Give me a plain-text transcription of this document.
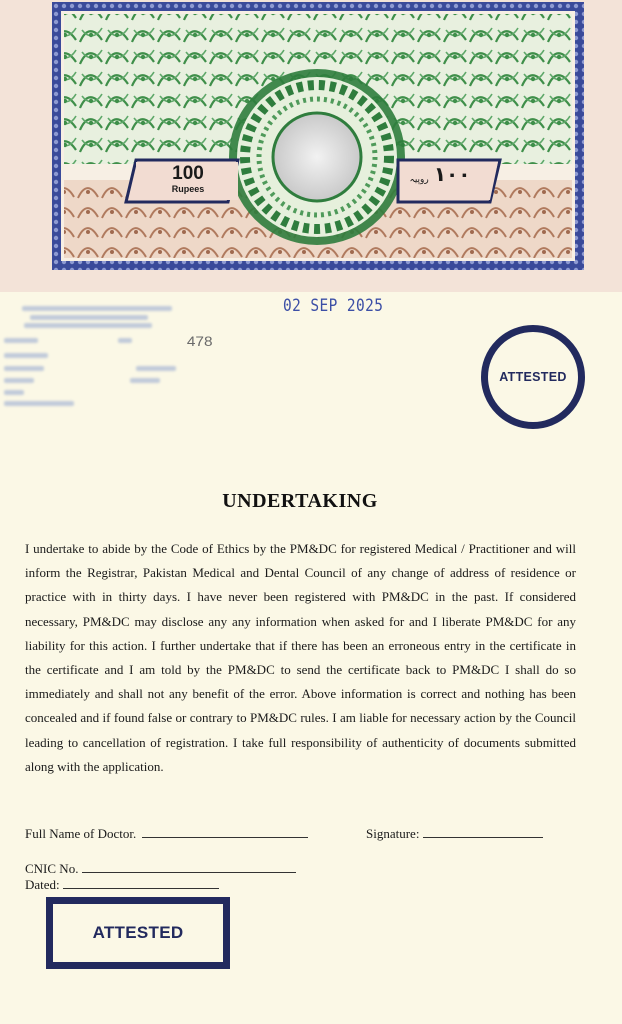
100
Rupees
روپیہ ۱۰۰
02 SEP 2025
478
ATTESTED
UNDERTAKING
I undertake to abide by the Code of Ethics by the PM&DC for registered Medical / Practitioner and will inform the Registrar, Pakistan Medical and Dental Council of any change of address of residence or practice with in thirty days. I have never been registered with PM&DC in the past. If considered necessary, PM&DC may disclose any any information when asked for and I liberate PM&DC for any liability for this action. I further undertake that if there has been an erroneous entry in the certificate in the certificate and I am told by the PM&DC to send the certificate back to PM&DC I shall do so immediately and shall not any benefit of the error. Above information is correct and nothing has been concealed and if found false or contrary to PM&DC rules. I am liable for necessary action by the Council leading to cancellation of registration. I take full responsibility of authenticity of documents submitted along with the application.
Full Name of Doctor.	Signature:
CNIC No.
Dated:
ATTESTED
